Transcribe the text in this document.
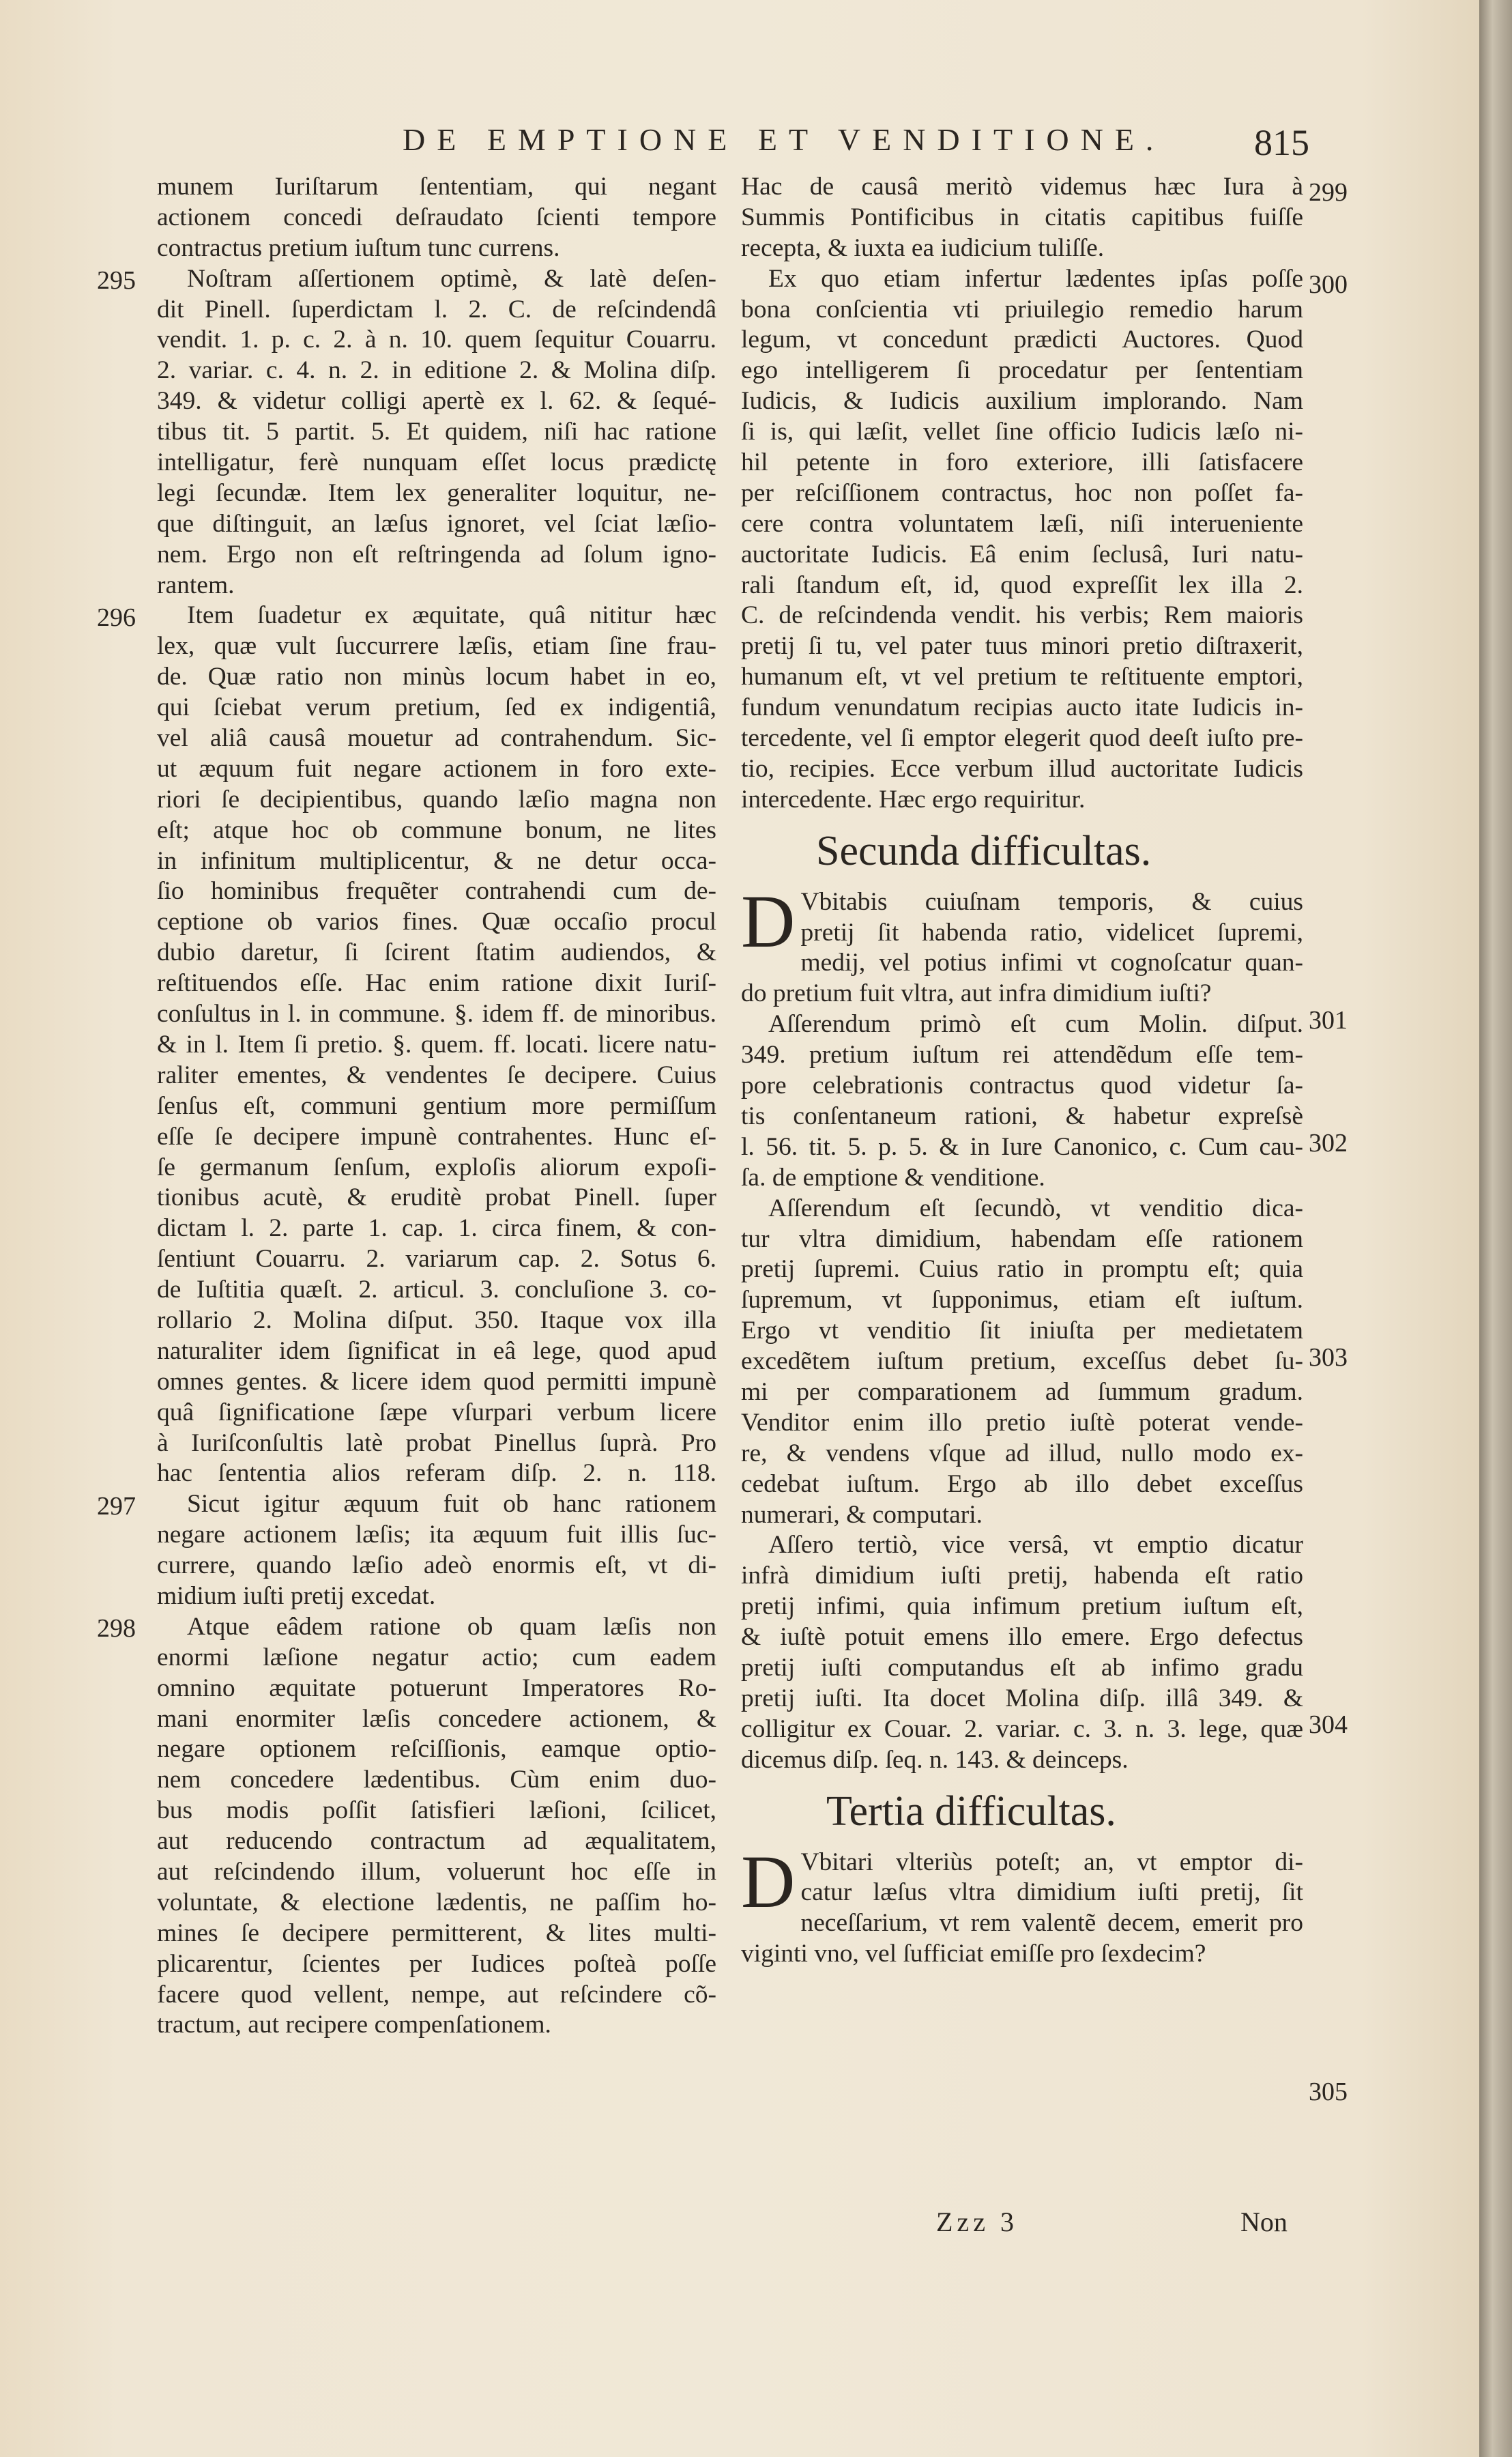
DE EMPTIONE ET VENDITIONE. 815
munem Iuriſtarum ſententiam, qui negant
actionem concedi deſraudato ſcienti tempore
contractus pretium iuſtum tunc currens.
Noſtram aſſertionem optimè, & latè deſen-
dit Pinell. ſuperdictam l. 2. C. de reſcindendâ
vendit. 1. p. c. 2. à n. 10. quem ſequitur Couarru.
2. variar. c. 4. n. 2. in editione 2. & Molina diſp.
349. & videtur colligi apertè ex l. 62. & ſequé-
tibus tit. 5 partit. 5. Et quidem, niſi hac ratione
intelligatur, ferè nunquam eſſet locus prædictę
legi ſecundæ. Item lex generaliter loquitur, ne-
que diſtinguit, an læſus ignoret, vel ſciat læſio-
nem. Ergo non eſt reſtringenda ad ſolum igno-
rantem.
Item ſuadetur ex æquitate, quâ nititur hæc
lex, quæ vult ſuccurrere læſis, etiam ſine frau-
de. Quæ ratio non minùs locum habet in eo,
qui ſciebat verum pretium, ſed ex indigentiâ,
vel aliâ causâ mouetur ad contrahendum. Sic-
ut æquum fuit negare actionem in foro exte-
riori ſe decipientibus, quando læſio magna non
eſt; atque hoc ob commune bonum, ne lites
in infinitum multiplicentur, & ne detur occa-
ſio hominibus frequẽter contrahendi cum de-
ceptione ob varios fines. Quæ occaſio procul
dubio daretur, ſi ſcirent ſtatim audiendos, &
reſtituendos eſſe. Hac enim ratione dixit Iuriſ-
conſultus in l. in commune. §. idem ff. de minoribus.
& in l. Item ſi pretio. §. quem. ff. locati. licere natu-
raliter ementes, & vendentes ſe decipere. Cuius
ſenſus eſt, communi gentium more permiſſum
eſſe ſe decipere impunè contrahentes. Hunc eſ-
ſe germanum ſenſum, exploſis aliorum expoſi-
tionibus acutè, & eruditè probat Pinell. ſuper
dictam l. 2. parte 1. cap. 1. circa finem, & con-
ſentiunt Couarru. 2. variarum cap. 2. Sotus 6.
de Iuſtitia quæſt. 2. articul. 3. concluſione 3. co-
rollario 2. Molina diſput. 350. Itaque vox illa
naturaliter idem ſignificat in eâ lege, quod apud
omnes gentes. & licere idem quod permitti impunè
quâ ſignificatione ſæpe vſurpari verbum licere
à Iuriſconſultis latè probat Pinellus ſuprà. Pro
hac ſententia alios referam diſp. 2. n. 118.
Sicut igitur æquum fuit ob hanc rationem
negare actionem læſis; ita æquum fuit illis ſuc-
currere, quando læſio adeò enormis eſt, vt di-
midium iuſti pretij excedat.
Atque eâdem ratione ob quam læſis non
enormi læſione negatur actio; cum eadem
omnino æquitate potuerunt Imperatores Ro-
mani enormiter læſis concedere actionem, &
negare optionem reſciſſionis, eamque optio-
nem concedere lædentibus. Cùm enim duo-
bus modis poſſit ſatisfieri læſioni, ſcilicet,
aut reducendo contractum ad æqualitatem,
aut reſcindendo illum, voluerunt hoc eſſe in
voluntate, & electione lædentis, ne paſſim ho-
mines ſe decipere permitterent, & lites multi-
plicarentur, ſcientes per Iudices poſteà poſſe
facere quod vellent, nempe, aut reſcindere cõ-
tractum, aut recipere compenſationem.
295
296
297
298
Hac de causâ meritò videmus hæc Iura à
Summis Pontificibus in citatis capitibus fuiſſe
recepta, & iuxta ea iudicium tuliſſe.
Ex quo etiam infertur lædentes ipſas poſſe
bona conſcientia vti priuilegio remedio harum
legum, vt concedunt prædicti Auctores. Quod
ego intelligerem ſi procedatur per ſententiam
Iudicis, & Iudicis auxilium implorando. Nam
ſi is, qui læſit, vellet ſine officio Iudicis læſo ni-
hil petente in foro exteriore, illi ſatisfacere
per reſciſſionem contractus, hoc non poſſet fa-
cere contra voluntatem læſi, niſi interueniente
auctoritate Iudicis. Eâ enim ſeclusâ, Iuri natu-
rali ſtandum eſt, id, quod expreſſit lex illa 2.
C. de reſcindenda vendit. his verbis; Rem maioris
pretij ſi tu, vel pater tuus minori pretio diſtraxerit,
humanum eſt, vt vel pretium te reſtituente emptori,
fundum venundatum recipias aucto itate Iudicis in-
tercedente, vel ſi emptor elegerit quod deeſt iuſto pre-
tio, recipies. Ecce verbum illud auctoritate Iudicis
intercedente. Hæc ergo requiritur.
Secunda difficultas.
D Vbitabis cuiuſnam temporis, & cuius
pretij ſit habenda ratio, videlicet ſupremi,
medij, vel potius infimi vt cognoſcatur quan-
do pretium fuit vltra, aut infra dimidium iuſti?
Aſſerendum primò eſt cum Molin. diſput.
349. pretium iuſtum rei attendẽdum eſſe tem-
pore celebrationis contractus quod videtur ſa-
tis conſentaneum rationi, & habetur expreſsè
l. 56. tit. 5. p. 5. & in Iure Canonico, c. Cum cau-
ſa. de emptione & venditione.
Aſſerendum eſt ſecundò, vt venditio dica-
tur vltra dimidium, habendam eſſe rationem
pretij ſupremi. Cuius ratio in promptu eſt; quia
ſupremum, vt ſupponimus, etiam eſt iuſtum.
Ergo vt venditio ſit iniuſta per medietatem
excedẽtem iuſtum pretium, exceſſus debet ſu-
mi per comparationem ad ſummum gradum.
Venditor enim illo pretio iuſtè poterat vende-
re, & vendens vſque ad illud, nullo modo ex-
cedebat iuſtum. Ergo ab illo debet exceſſus
numerari, & computari.
Aſſero tertiò, vice versâ, vt emptio dicatur
infrà dimidium iuſti pretij, habenda eſt ratio
pretij infimi, quia infimum pretium iuſtum eſt,
& iuſtè potuit emens illo emere. Ergo defectus
pretij iuſti computandus eſt ab infimo gradu
pretij iuſti. Ita docet Molina diſp. illâ 349. &
colligitur ex Couar. 2. variar. c. 3. n. 3. lege, quæ
dicemus diſp. ſeq. n. 143. & deinceps.
Tertia difficultas.
D Vbitari vlteriùs poteſt; an, vt emptor di-
catur læſus vltra dimidium iuſti pretij, ſit
neceſſarium, vt rem valentẽ decem, emerit pro
viginti vno, vel ſufficiat emiſſe pro ſexdecim?
299
300
301
302
303
304
305
Zzz 3	Non
